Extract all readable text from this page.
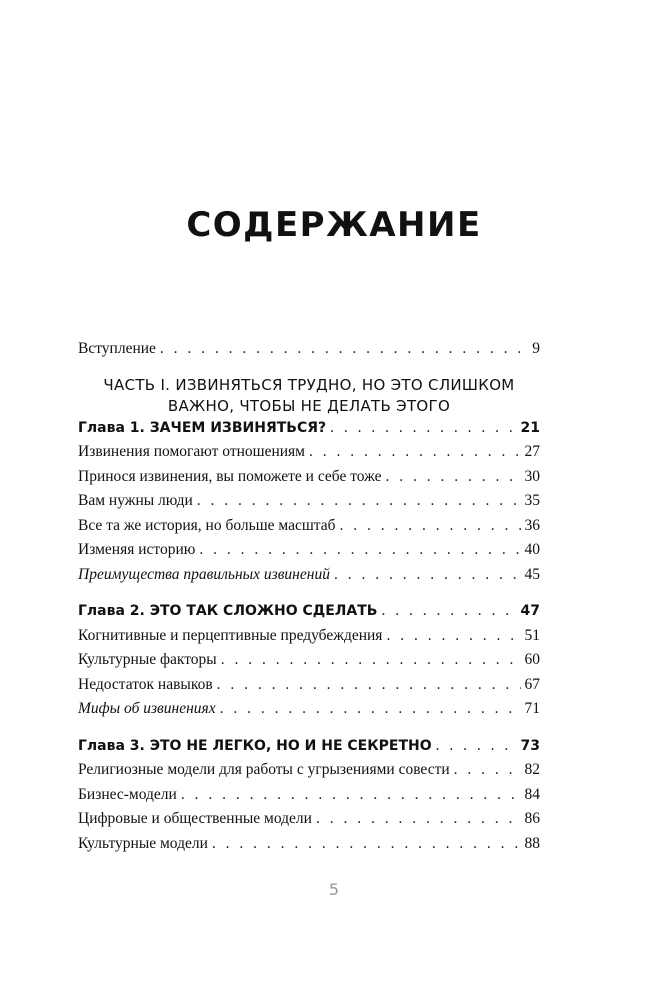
СОДЕРЖАНИЕ
Вступление . . .	9
ЧАСТЬ I. ИЗВИНЯТЬСЯ ТРУДНО, НО ЭТО СЛИШКОМ
ВАЖНО, ЧТОБЫ НЕ ДЕЛАТЬ ЭТОГО
Глава 1. ЗАЧЕМ ИЗВИНЯТЬСЯ? . . .	21
Извинения помогают отношениям . . .	27
Принося извинения, вы поможете и себе тоже . . .	30
Вам нужны люди . . .	35
Все та же история, но больше масштаб . . .	36
Изменяя историю . . .	40
Преимущества правильных извинений . . .	45
Глава 2. ЭТО ТАК СЛОЖНО СДЕЛАТЬ . . .	47
Когнитивные и перцептивные предубеждения . . .	51
Культурные факторы . . .	60
Недостаток навыков . . .	67
Мифы об извинениях . . .	71
Глава 3. ЭТО НЕ ЛЕГКО, НО И НЕ СЕКРЕТНО . . .	73
Религиозные модели для работы с угрызениями совести . . .	82
Бизнес-модели . . .	84
Цифровые и общественные модели . . .	86
Культурные модели . . .	88
5
